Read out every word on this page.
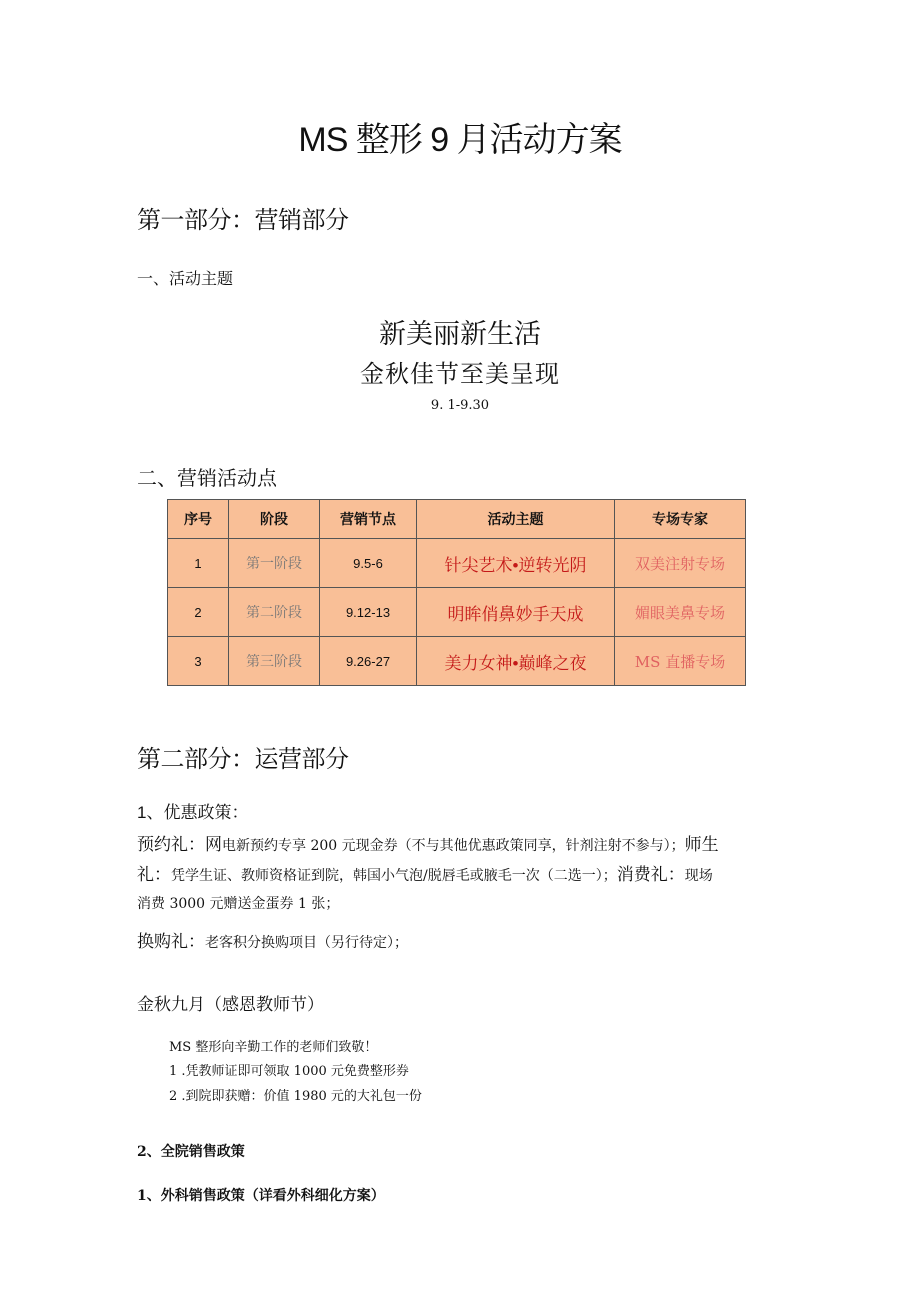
MS 整形 9 月活动方案
第一部分：营销部分
一、活动主题
新美丽新生活
金秋佳节至美呈现
9. 1-9.30
二、营销活动点
序号	阶段	营销节点	活动主题	专场专家
1	第一阶段	9.5-6	针尖艺术•逆转光阴	双美注射专场
2	第二阶段	9.12-13	明眸俏鼻妙手天成	媚眼美鼻专场
3	第三阶段	9.26-27	美力女神•巅峰之夜	MS 直播专场
第二部分：运营部分
1、优惠政策：
预约礼：网电新预约专享 200 元现金券（不与其他优惠政策同享，针剂注射不参与）；师生
礼：凭学生证、教师资格证到院，韩国小气泡/脱唇毛或腋毛一次（二选一）；消费礼：现场
消费 3000 元赠送金蛋券 1 张；
换购礼：老客积分换购项目（另行待定）；
金秋九月（感恩教师节）
MS 整形向辛勤工作的老师们致敬！
1 .凭教师证即可领取 1000 元免费整形券
2 .到院即获赠：价值 1980 元的大礼包一份
2、全院销售政策
1、外科销售政策（详看外科细化方案）
